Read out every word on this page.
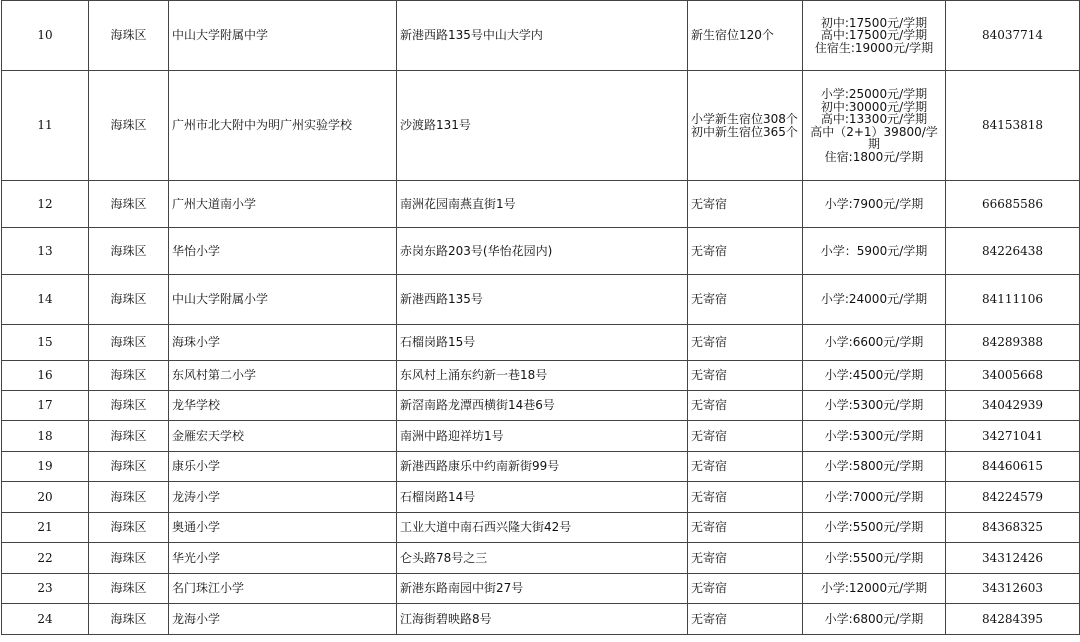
10	海珠区	中山大学附属中学	新港西路135号中山大学内	新生宿位120个	初中:17500元/学期
高中:17500元/学期
住宿生:19000元/学期	84037714
11	海珠区	广州市北大附中为明广州实验学校	沙渡路131号	小学新生宿位308个 初中新生宿位365个	小学:25000元/学期
初中:30000元/学期
高中:13300元/学期
高中（2+1）39800/学期
住宿:1800元/学期	84153818
12	海珠区	广州大道南小学	南洲花园南燕直街1号	无寄宿	小学:7900元/学期	66685586
13	海珠区	华怡小学	赤岗东路203号(华怡花园内)	无寄宿	小学：5900元/学期	84226438
14	海珠区	中山大学附属小学	新港西路135号	无寄宿	小学:24000元/学期	84111106
15	海珠区	海珠小学	石榴岗路15号	无寄宿	小学:6600元/学期	84289388
16	海珠区	东风村第二小学	东风村上涌东约新一巷18号	无寄宿	小学:4500元/学期	34005668
17	海珠区	龙华学校	新滘南路龙潭西横街14巷6号	无寄宿	小学:5300元/学期	34042939
18	海珠区	金雁宏天学校	南洲中路迎祥坊1号	无寄宿	小学:5300元/学期	34271041
19	海珠区	康乐小学	新港西路康乐中约南新街99号	无寄宿	小学:5800元/学期	84460615
20	海珠区	龙涛小学	石榴岗路14号	无寄宿	小学:7000元/学期	84224579
21	海珠区	奥通小学	工业大道中南石西兴隆大街42号	无寄宿	小学:5500元/学期	84368325
22	海珠区	华光小学	仑头路78号之三	无寄宿	小学:5500元/学期	34312426
23	海珠区	名门珠江小学	新港东路南园中街27号	无寄宿	小学:12000元/学期	34312603
24	海珠区	龙海小学	江海街碧映路8号	无寄宿	小学:6800元/学期	84284395
